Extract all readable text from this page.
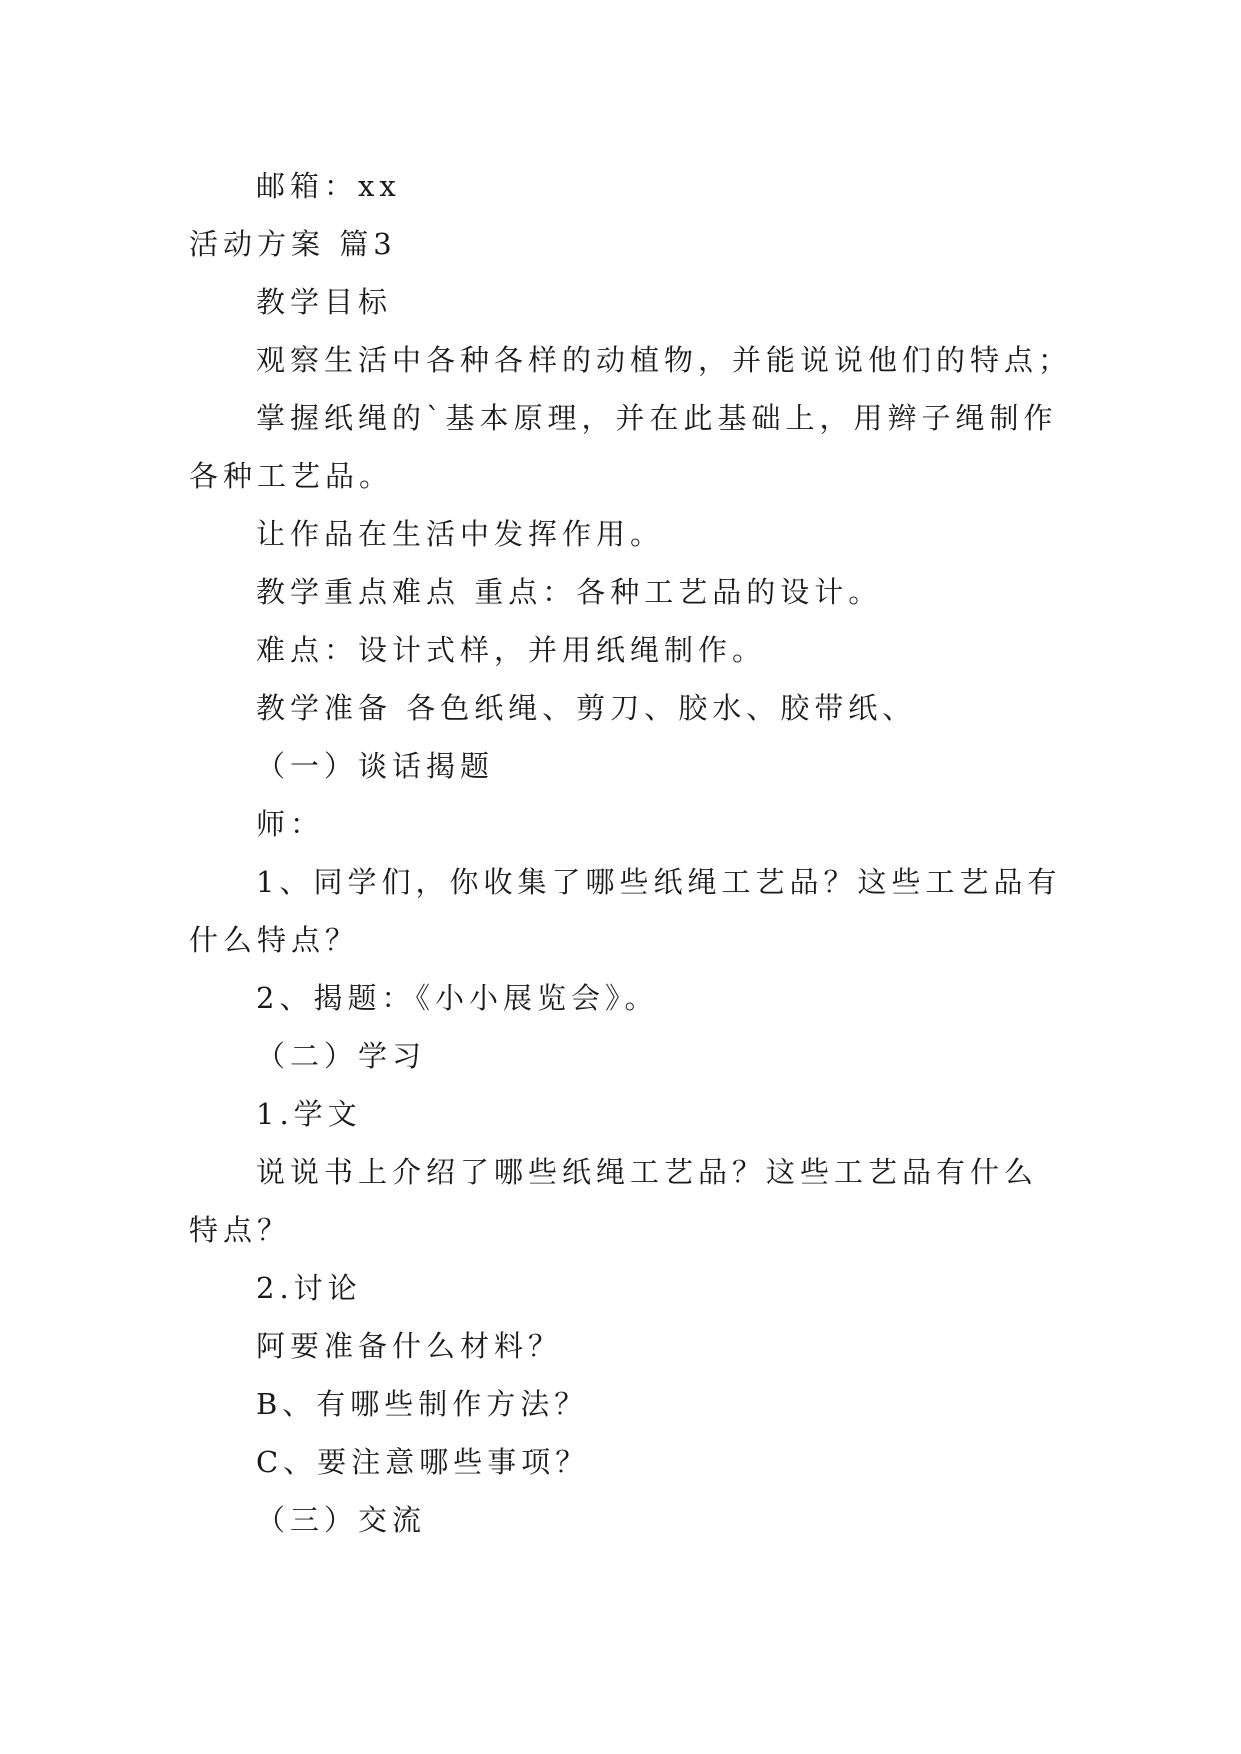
邮箱：xx
活动方案 篇3
教学目标
观察生活中各种各样的动植物，并能说说他们的特点；
掌握纸绳的`基本原理，并在此基础上，用辫子绳制作
各种工艺品。
让作品在生活中发挥作用。
教学重点难点 重点：各种工艺品的设计。
难点：设计式样，并用纸绳制作。
教学准备 各色纸绳、剪刀、胶水、胶带纸、
（一）谈话揭题
师：
1、同学们，你收集了哪些纸绳工艺品？这些工艺品有
什么特点？
2、揭题：《小小展览会》。
（二）学习
1.学文
说说书上介绍了哪些纸绳工艺品？这些工艺品有什么
特点？
2.讨论
阿要准备什么材料？
B、有哪些制作方法？
C、要注意哪些事项？
（三）交流
